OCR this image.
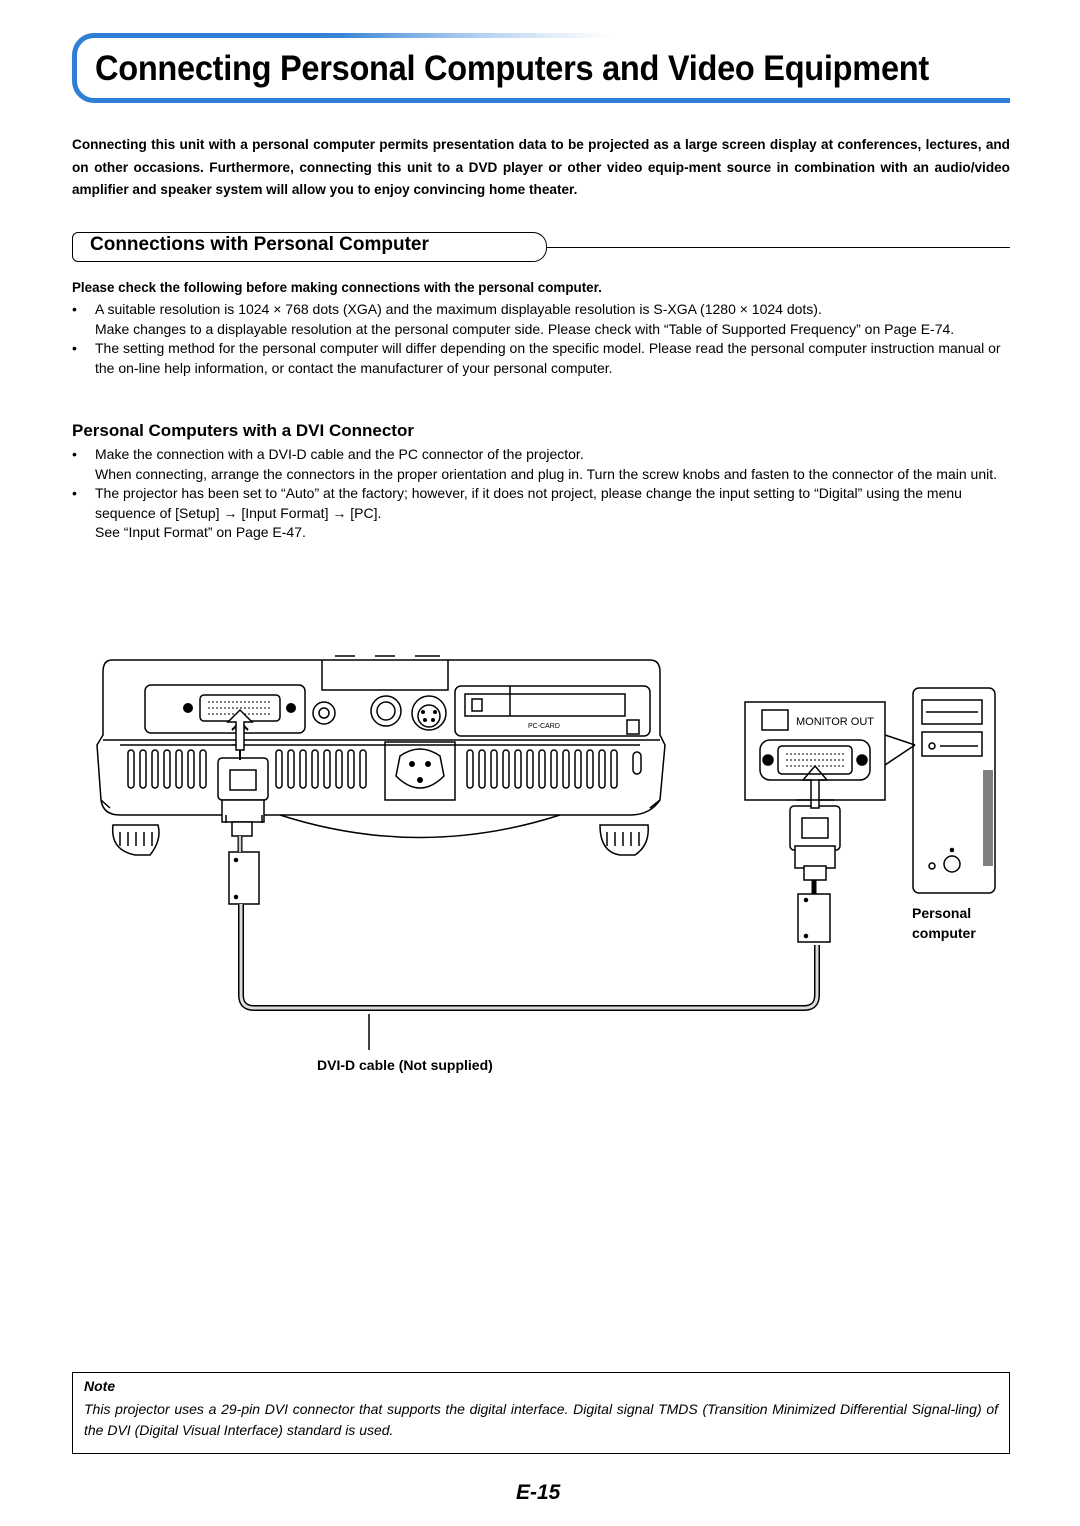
Connecting Personal Computers and Video Equipment
Connecting this unit with a personal computer permits presentation data to be projected as a large screen display at conferences, lectures, and on other occasions. Furthermore, connecting this unit to a DVD player or other video equip-ment source in combination with an audio/video amplifier and speaker system will allow you to enjoy convincing home theater.
Connections with Personal Computer
Please check the following before making connections with the personal computer.
• A suitable resolution is 1024 × 768 dots (XGA) and the maximum displayable resolution is S-XGA (1280 × 1024 dots).
Make changes to a displayable resolution at the personal computer side. Please check with “Table of Supported Frequency” on Page E-74.
• The setting method for the personal computer will differ depending on the specific model. Please read the personal computer instruction manual or the on-line help information, or contact the manufacturer of your personal computer.
Personal Computers with a DVI Connector
• Make the connection with a DVI-D cable and the PC connector of the projector.
When connecting, arrange the connectors in the proper orientation and plug in. Turn the screw knobs and fasten to the connector of the main unit.
• The projector has been set to “Auto” at the factory; however, if it does not project, please change the input setting to “Digital” using the menu sequence of [Setup] → [Input Format] → [PC].
See “Input Format” on Page E-47.
PC-CARD	MONITOR OUT
Personal
computer
DVI-D cable (Not supplied)
Note
This projector uses a 29-pin DVI connector that supports the digital interface. Digital signal TMDS (Transition Minimized Differential Signal-ling) of the DVI (Digital Visual Interface) standard is used.
E-15
